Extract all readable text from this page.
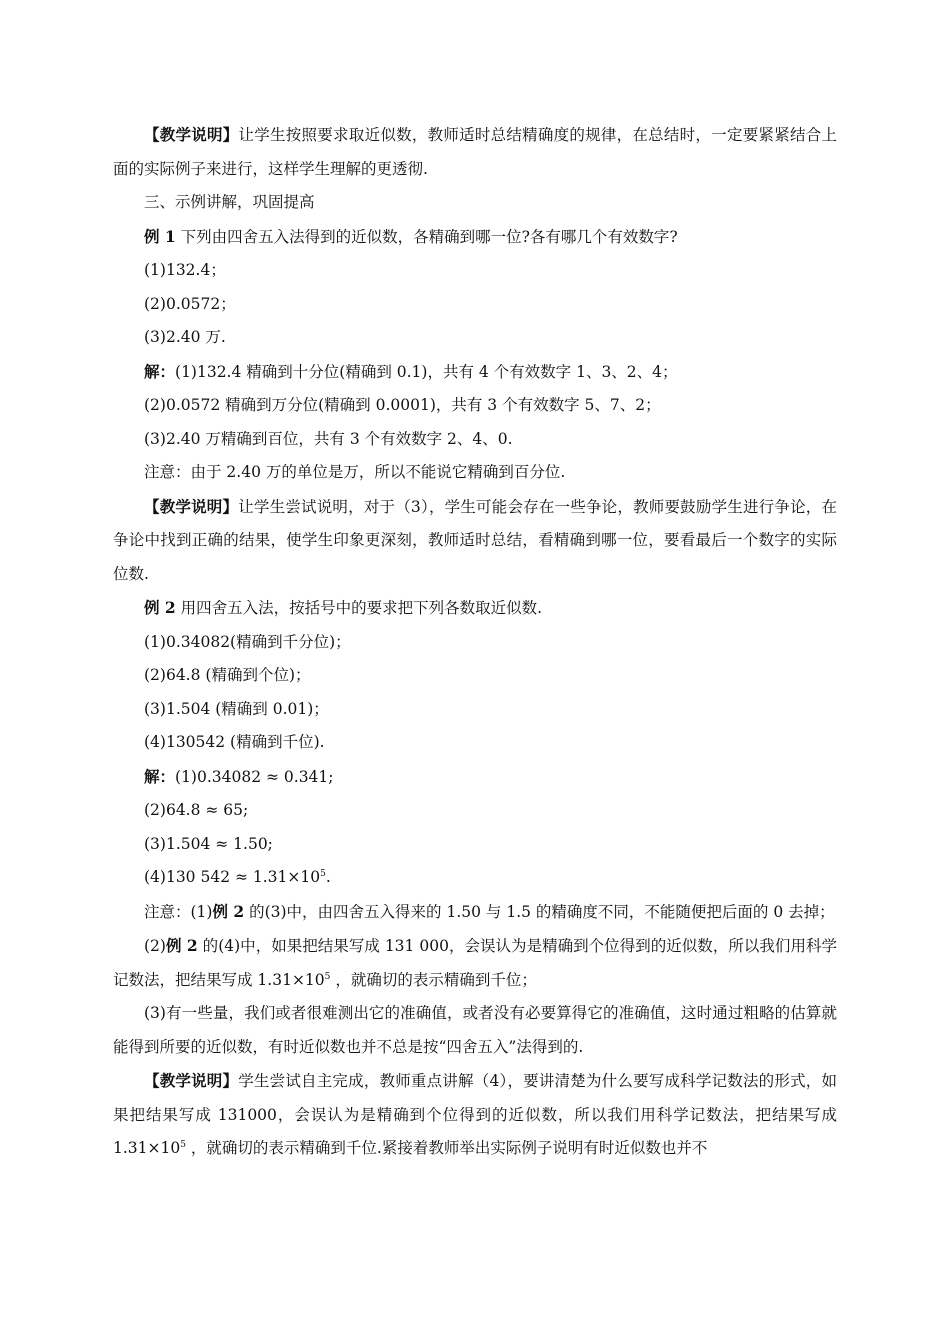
【教学说明】让学生按照要求取近似数，教师适时总结精确度的规律，在总结时，一定要紧紧结合上面的实际例子来进行，这样学生理解的更透彻.

三、示例讲解，巩固提高

例 1 下列由四舍五入法得到的近似数，各精确到哪一位?各有哪几个有效数字?

(1)132.4；

(2)0.0572；

(3)2.40 万.

解：(1)132.4 精确到十分位(精确到 0.1)，共有 4 个有效数字 1、3、2、4；

(2)0.0572 精确到万分位(精确到 0.0001)，共有 3 个有效数字 5、7、2；

(3)2.40 万精确到百位，共有 3 个有效数字 2、4、0.

注意：由于 2.40 万的单位是万，所以不能说它精确到百分位.

【教学说明】让学生尝试说明，对于（3），学生可能会存在一些争论，教师要鼓励学生进行争论，在争论中找到正确的结果，使学生印象更深刻，教师适时总结，看精确到哪一位，要看最后一个数字的实际位数.

例 2 用四舍五入法，按括号中的要求把下列各数取近似数.

(1)0.34082(精确到千分位)；

(2)64.8 (精确到个位)；

(3)1.504 (精确到 0.01)；

(4)130542 (精确到千位).

解：(1)0.34082 ≈ 0.341;

(2)64.8 ≈ 65;

(3)1.504 ≈ 1.50;

(4)130 $542 \approx 1.31\times 10^5$.

注意：(1)例 2 的(3)中，由四舍五入得来的 1.50 与 1.5 的精确度不同，不能随便把后面的 0 去掉；

(2)例 2 的(4)中，如果把结果写成 131 000，会误认为是精确到个位得到的近似数，所以我们用科学记数法，把结果写成 $1.31\times 10^5$ ，就确切的表示精确到千位；

(3)有一些量，我们或者很难测出它的准确值，或者没有必要算得它的准确值，这时通过粗略的估算就能得到所要的近似数，有时近似数也并不总是按“四舍五入”法得到的.

【教学说明】学生尝试自主完成，教师重点讲解（4），要讲清楚为什么要写成科学记数法的形式，如果把结果写成 131000，会误认为是精确到个位得到的近似数，所以我们用科学记数法，把结果写成 $1.31\times 10^5$ ，就确切的表示精确到千位.紧接着教师举出实际例子说明有时近似数也并不
